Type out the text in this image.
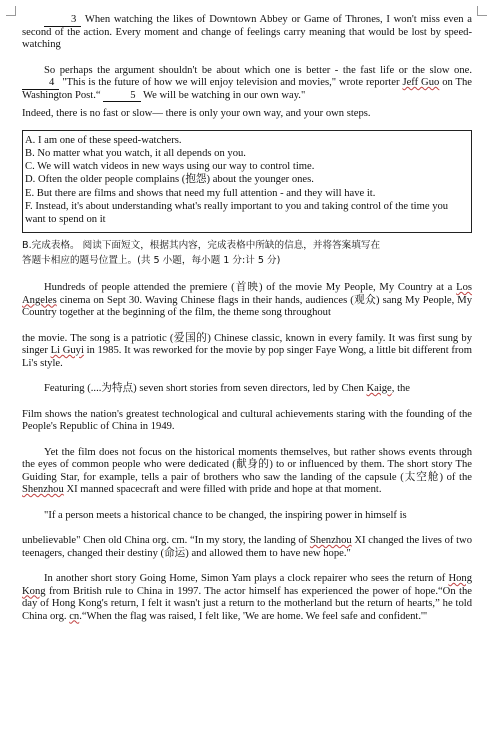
3 When watching the likes of Downtown Abbey or Game of Thrones, I won't miss even a second of the action. Every moment and change of feelings carry meaning that would be lost by speed-watching

So perhaps the argument shouldn't be about which one is better - the fast life or the slow one. 4 "This is the future of how we will enjoy television and movies," wrote reporter Jeff Guo on The Washington Post.“	5 We will be watching in our own way."

Indeed, there is no fast or slow— there is only your own way, and your own steps.

A. I am one of these speed-watchers.
B. No matter what you watch, it all depends on you.
C. We will watch videos in new ways using our way to control time.
D. Often the older people complains (抱怨) about the younger ones.
E. But there are films and shows that need my full attention - and they will have it.
F. Instead, it's about understanding what's really important to you and taking control of the time you want to spend on it
B.完成表格。 阅读下面短文，根据其内容，完成表格中所缺的信息，并将答案填写在
答题卡相应的题号位置上。(共 5 小题，每小题 1 分:计 5 分)

Hundreds of people attended the premiere (首映) of the movie My People, My Country at a Los Angeles cinema on Sept 30. Waving Chinese flags in their hands, audiences (观众) sang My People, My Country together at the beginning of the film, the theme song throughout

the movie. The song is a patriotic (爱国的) Chinese classic, known in every family. It was first sung by singer Li Guyi in 1985. It was reworked for the movie by pop singer Faye Wong, a little bit different from Li's style.

Featuring (....为特点) seven short stories from seven directors, led by Chen Kaige, the

Film shows the nation's greatest technological and cultural achievements staring with the founding of the People's Republic of China in 1949.

Yet the film does not focus on the historical moments themselves, but rather shows events through the eyes of common people who were dedicated (献身的) to or influenced by them. The short story The Guiding Star, for example, tells a pair of brothers who saw the landing of the capsule (太空舱) of the Shenzhou XI manned spacecraft and were filled with pride and hope at that moment.

"If a person meets a historical chance to be changed, the inspiring power in himself is

unbelievable" Chen old China org. cm. “In my story, the landing of Shenzhou XI changed the lives of two teenagers, changed their destiny (命运) and allowed them to have new hope."

In another short story Going Home, Simon Yam plays a clock repairer who sees the return of Hong Kong from British rule to China in 1997. The actor himself has experienced the power of hope.“On the day of Hong Kong's return, I felt it wasn't just a return to the motherland but the return of hearts,” he told China org. cn.“When the flag was raised, I felt like, 'We are home. We feel safe and confident.'"
